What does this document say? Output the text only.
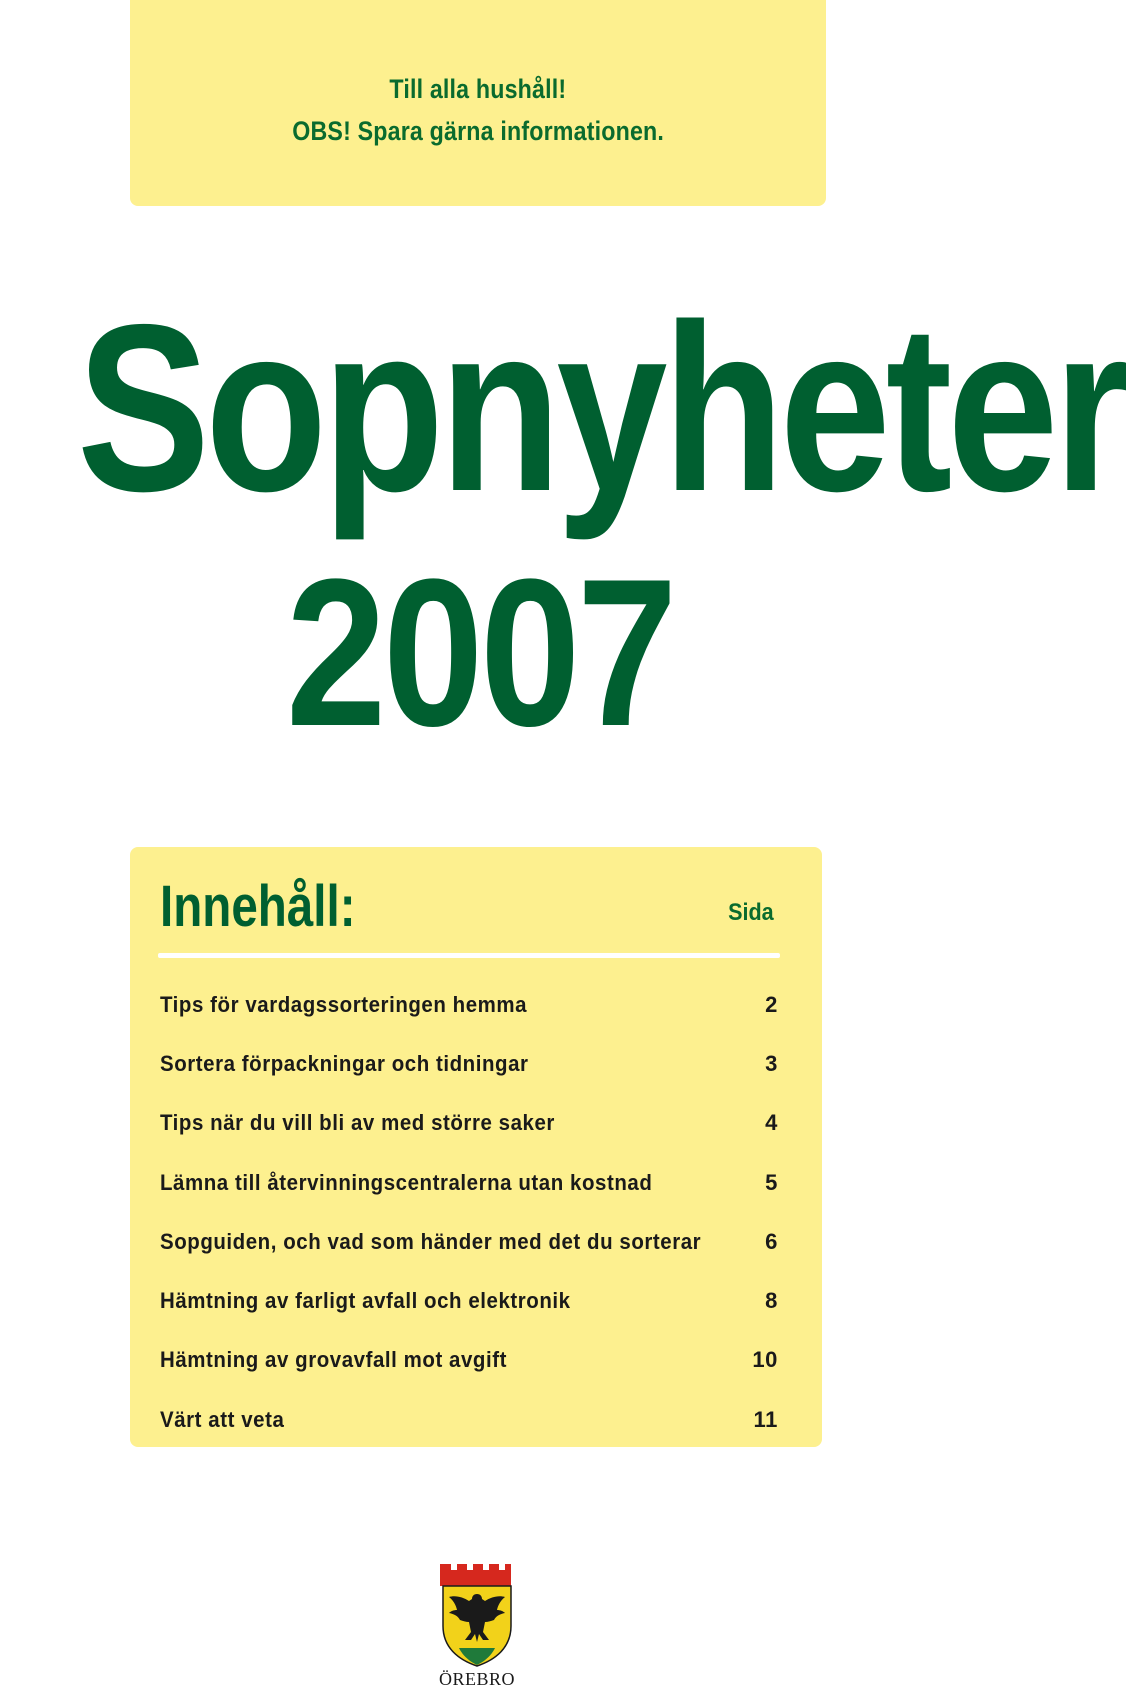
Till alla hushåll!
OBS! Spara gärna informationen.
Sopnyheter
2007
Innehåll:	Sida
Tips för vardagssorteringen hemma	2
Sortera förpackningar och tidningar	3
Tips när du vill bli av med större saker	4
Lämna till återvinningscentralerna utan kostnad	5
Sopguiden, och vad som händer med det du sorterar	6
Hämtning av farligt avfall och elektronik	8
Hämtning av grovavfall mot avgift	10
Värt att veta	11
ÖREBRO
